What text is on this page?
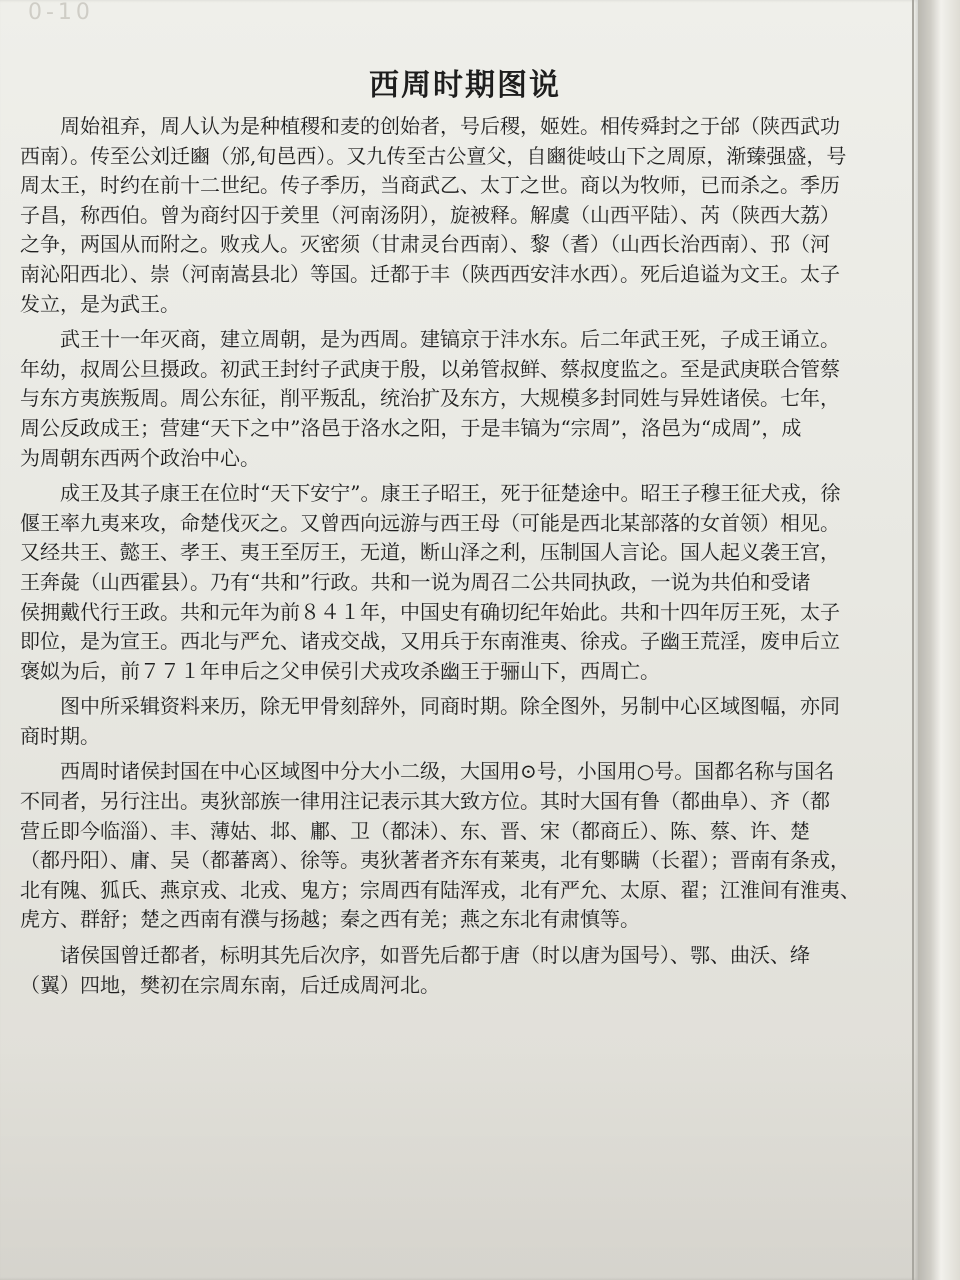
0-10
西周时期图说
　　周始祖弃，周人认为是种植稷和麦的创始者，号后稷，姬姓。相传舜封之于邰（陕西武功
西南）。传至公刘迁豳（邠,旬邑西）。又九传至古公亶父，自豳徙岐山下之周原，渐臻强盛，号
周太王，时约在前十二世纪。传子季历，当商武乙、太丁之世。商以为牧师，已而杀之。季历
子昌，称西伯。曾为商纣囚于羑里（河南汤阴），旋被释。解虞（山西平陆）、芮（陕西大荔）
之争，两国从而附之。败戎人。灭密须（甘肃灵台西南）、黎（耆）（山西长治西南）、邘（河
南沁阳西北）、崇（河南嵩县北）等国。迁都于丰（陕西西安沣水西）。死后追谥为文王。太子
发立，是为武王。
　　武王十一年灭商，建立周朝，是为西周。建镐京于沣水东。后二年武王死，子成王诵立。
年幼，叔周公旦摄政。初武王封纣子武庚于殷，以弟管叔鲜、蔡叔度监之。至是武庚联合管蔡
与东方夷族叛周。周公东征，削平叛乱，统治扩及东方，大规模多封同姓与异姓诸侯。七年，
周公反政成王；营建“天下之中”洛邑于洛水之阳，于是丰镐为“宗周”，洛邑为“成周”，成
为周朝东西两个政治中心。
　　成王及其子康王在位时“天下安宁”。康王子昭王，死于征楚途中。昭王子穆王征犬戎，徐
偃王率九夷来攻，命楚伐灭之。又曾西向远游与西王母（可能是西北某部落的女首领）相见。
又经共王、懿王、孝王、夷王至厉王，无道，断山泽之利，压制国人言论。国人起义袭王宫，
王奔彘（山西霍县）。乃有“共和”行政。共和一说为周召二公共同执政，一说为共伯和受诸
侯拥戴代行王政。共和元年为前８４１年，中国史有确切纪年始此。共和十四年厉王死，太子
即位，是为宣王。西北与严允、诸戎交战，又用兵于东南淮夷、徐戎。子幽王荒淫，废申后立
褒姒为后，前７７１年申后之父申侯引犬戎攻杀幽王于骊山下，西周亡。
　　图中所采辑资料来历，除无甲骨刻辞外，同商时期。除全图外，另制中心区域图幅，亦同
商时期。
　　西周时诸侯封国在中心区域图中分大小二级，大国用⊙号，小国用○号。国都名称与国名
不同者，另行注出。夷狄部族一律用注记表示其大致方位。其时大国有鲁（都曲阜）、齐（都
营丘即今临淄）、丰、薄姑、邶、鄘、卫（都沬）、东、晋、宋（都商丘）、陈、蔡、许、楚
（都丹阳）、庸、吴（都蕃离）、徐等。夷狄著者齐东有莱夷，北有鄋瞒（长翟）；晋南有条戎，
北有隗、狐氏、燕京戎、北戎、鬼方；宗周西有陆浑戎，北有严允、太原、翟；江淮间有淮夷、
虎方、群舒；楚之西南有濮与扬越；秦之西有羌；燕之东北有肃慎等。
　　诸侯国曾迁都者，标明其先后次序，如晋先后都于唐（时以唐为国号）、鄂、曲沃、绛
（翼）四地，樊初在宗周东南，后迁成周河北。
